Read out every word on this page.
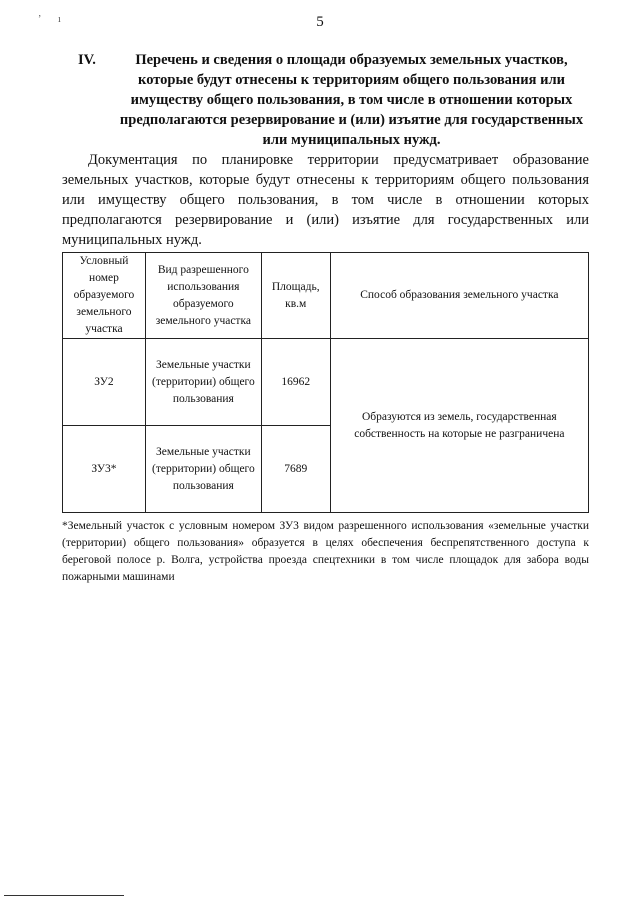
ʼ ı	5
IV.	Перечень и сведения о площади образуемых земельных участков, которые будут отнесены к территориям общего пользования или имуществу общего пользования, в том числе в отношении которых предполагаются резервирование и (или) изъятие для государственных или муниципальных нужд.
Документация по планировке территории предусматривает образование земельных участков, которые будут отнесены к территориям общего пользования или имуществу общего пользования, в том числе в отношении которых предполагаются резервирование и (или) изъятие для государственных или муниципальных нужд.
Условный номер образуемого земельного участка	Вид разрешенного использования образуемого земельного участка	Площадь, кв.м	Способ образования земельного участка
ЗУ2	Земельные участки (территории) общего пользования	16962	Образуются из земель, государственная собственность на которые не разграничена
ЗУ3*	Земельные участки (территории) общего пользования	7689	
*Земельный участок с условным номером ЗУ3 видом разрешенного использования «земельные участки (территории) общего пользования» образуется в целях обеспечения беспрепятственного доступа к береговой полосе р. Волга, устройства проезда спецтехники в том числе площадок для забора воды пожарными машинами
